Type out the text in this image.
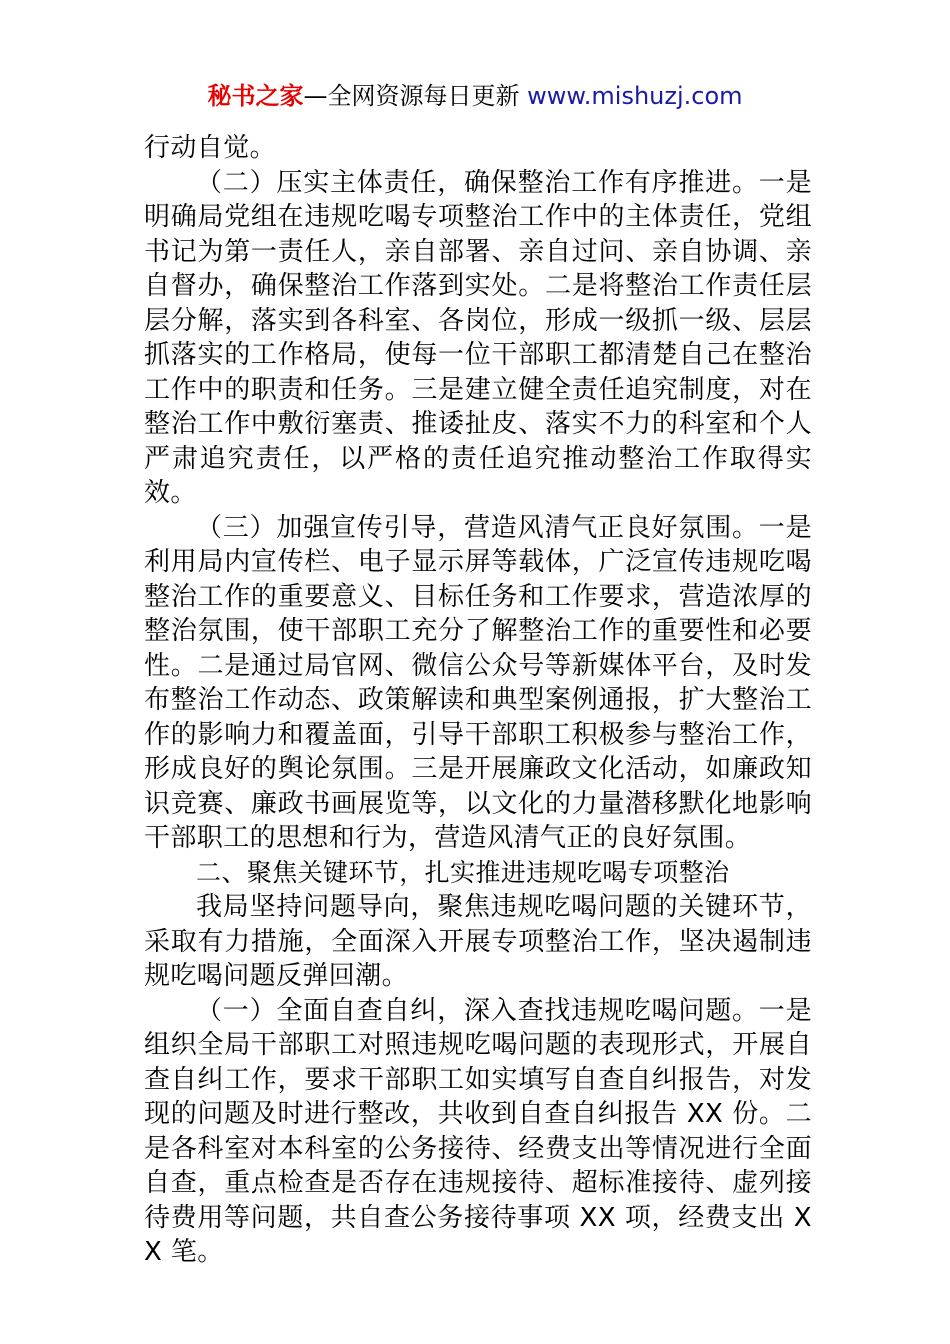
秘书之家—全网资源每日更新 www.mishuzj.com

行动自觉。

（二）压实主体责任，确保整治工作有序推进。一是明确局党组在违规吃喝专项整治工作中的主体责任，党组书记为第一责任人，亲自部署、亲自过问、亲自协调、亲自督办，确保整治工作落到实处。二是将整治工作责任层层分解，落实到各科室、各岗位，形成一级抓一级、层层抓落实的工作格局，使每一位干部职工都清楚自己在整治工作中的职责和任务。三是建立健全责任追究制度，对在整治工作中敷衍塞责、推诿扯皮、落实不力的科室和个人严肃追究责任，以严格的责任追究推动整治工作取得实效。

（三）加强宣传引导，营造风清气正良好氛围。一是利用局内宣传栏、电子显示屏等载体，广泛宣传违规吃喝整治工作的重要意义、目标任务和工作要求，营造浓厚的整治氛围，使干部职工充分了解整治工作的重要性和必要性。二是通过局官网、微信公众号等新媒体平台，及时发布整治工作动态、政策解读和典型案例通报，扩大整治工作的影响力和覆盖面，引导干部职工积极参与整治工作，形成良好的舆论氛围。三是开展廉政文化活动，如廉政知识竞赛、廉政书画展览等，以文化的力量潜移默化地影响干部职工的思想和行为，营造风清气正的良好氛围。

二、聚焦关键环节，扎实推进违规吃喝专项整治

我局坚持问题导向，聚焦违规吃喝问题的关键环节，采取有力措施，全面深入开展专项整治工作，坚决遏制违规吃喝问题反弹回潮。

（一）全面自查自纠，深入查找违规吃喝问题。一是组织全局干部职工对照违规吃喝问题的表现形式，开展自查自纠工作，要求干部职工如实填写自查自纠报告，对发现的问题及时进行整改，共收到自查自纠报告 XX 份。二是各科室对本科室的公务接待、经费支出等情况进行全面自查，重点检查是否存在违规接待、超标准接待、虚列接待费用等问题，共自查公务接待事项 XX 项，经费支出 XX 笔。
